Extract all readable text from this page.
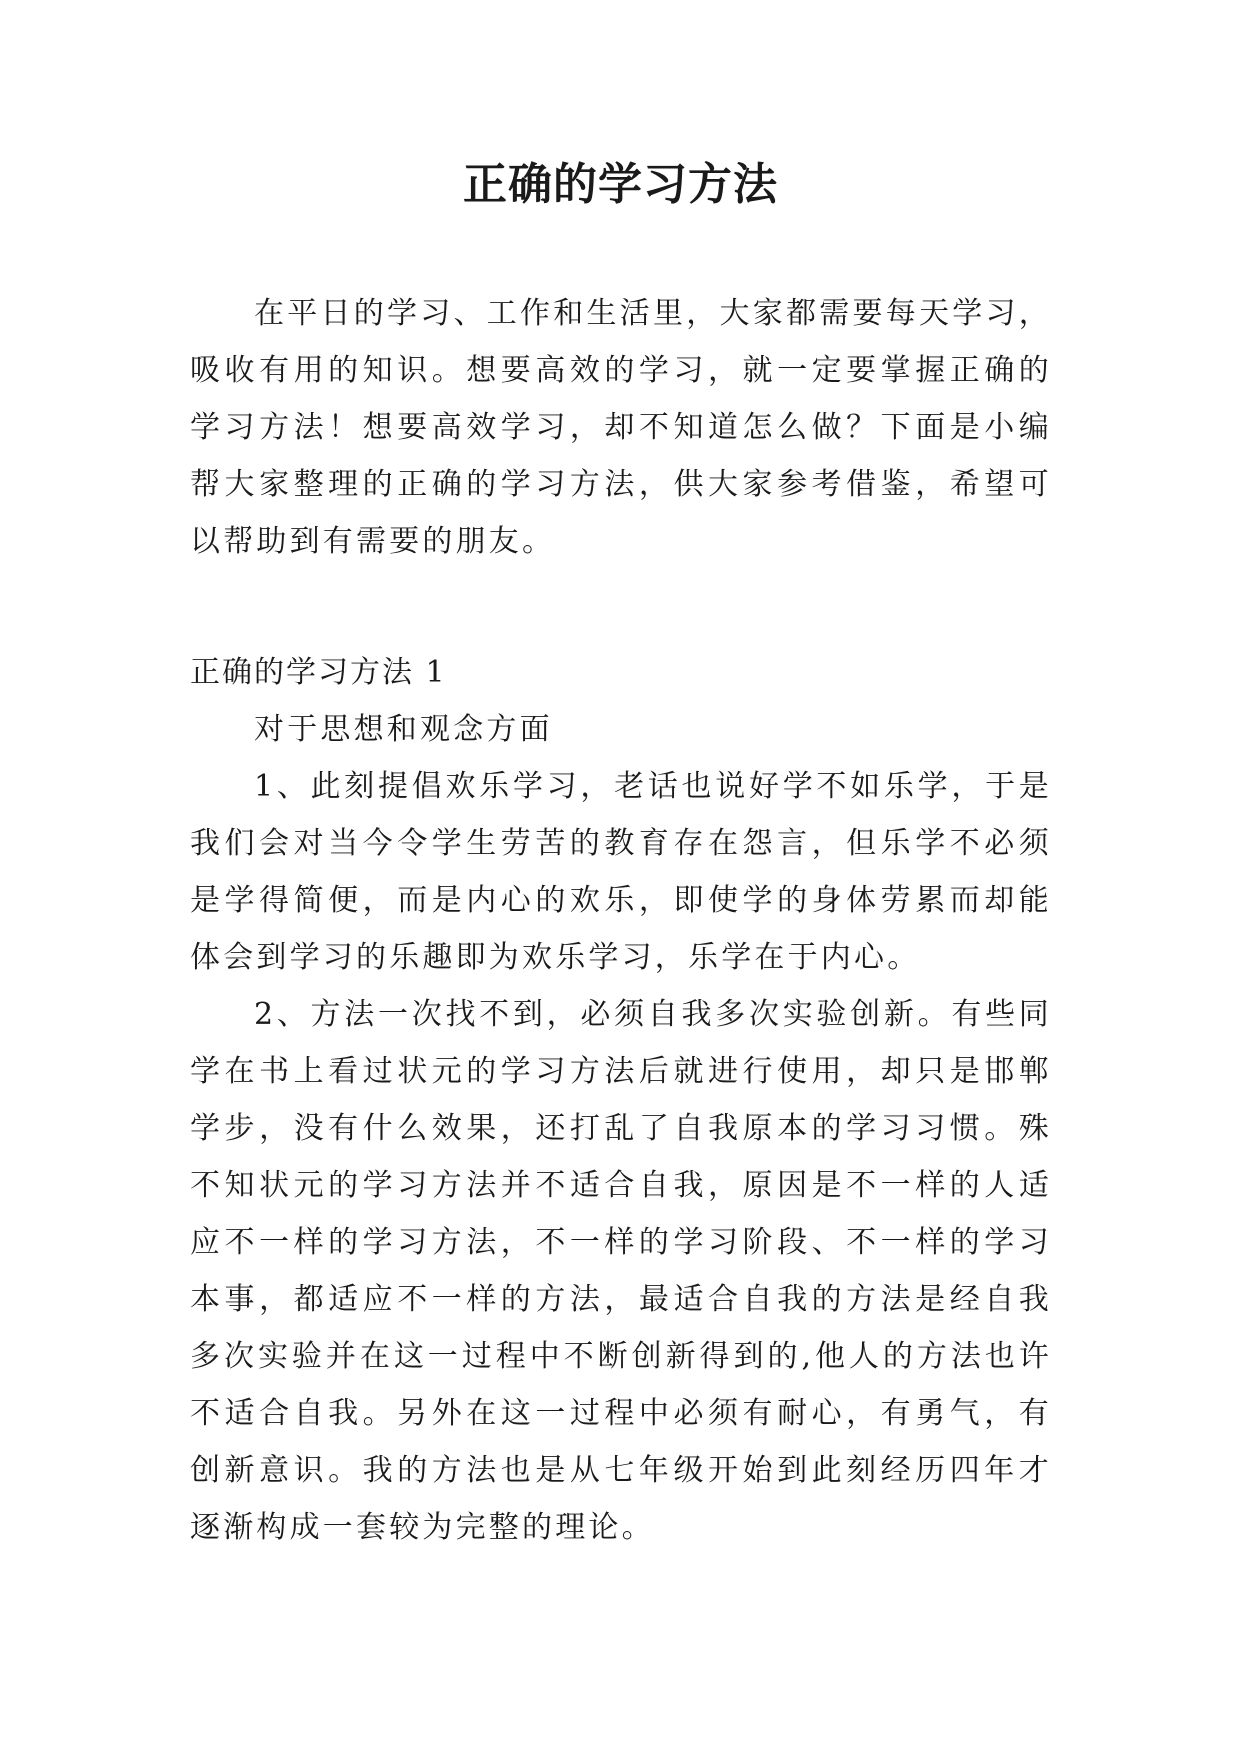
正确的学习方法

在平日的学习、工作和生活里，大家都需要每天学习，吸收有用的知识。想要高效的学习，就一定要掌握正确的学习方法！想要高效学习，却不知道怎么做？下面是小编帮大家整理的正确的学习方法，供大家参考借鉴，希望可以帮助到有需要的朋友。

正确的学习方法 1

对于思想和观念方面

1、此刻提倡欢乐学习，老话也说好学不如乐学，于是我们会对当今令学生劳苦的教育存在怨言，但乐学不必须是学得简便，而是内心的欢乐，即使学的身体劳累而却能体会到学习的乐趣即为欢乐学习，乐学在于内心。

2、方法一次找不到，必须自我多次实验创新。有些同学在书上看过状元的学习方法后就进行使用，却只是邯郸学步，没有什么效果，还打乱了自我原本的学习习惯。殊不知状元的学习方法并不适合自我，原因是不一样的人适应不一样的学习方法，不一样的学习阶段、不一样的学习本事，都适应不一样的方法，最适合自我的方法是经自我多次实验并在这一过程中不断创新得到的,他人的方法也许不适合自我。另外在这一过程中必须有耐心，有勇气，有创新意识。我的方法也是从七年级开始到此刻经历四年才逐渐构成一套较为完整的理论。
